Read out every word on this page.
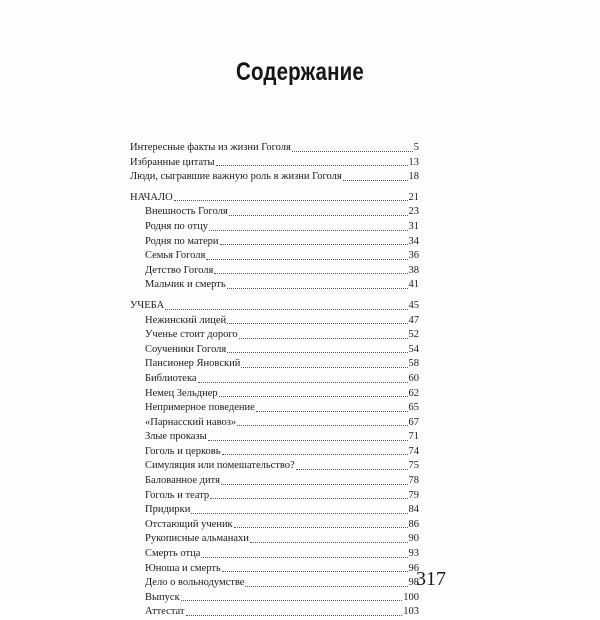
Содержание
Интересные факты из жизни Гоголя	5
Избранные цитаты	13
Люди, сыгравшие важную роль в жизни Гоголя	18
НАЧАЛО	21
Внешность Гоголя	23
Родня по отцу	31
Родня по матери	34
Семья Гоголя	36
Детство Гоголя	38
Мальчик и смерть	41
УЧЕБА	45
Нежинский лицей	47
Ученье стоит дорого	52
Соученики Гоголя	54
Пансионер Яновский	58
Библиотека	60
Немец Зельднер	62
Непримерное поведение	65
«Парнасский навоз»	67
Злые проказы	71
Гоголь и церковь	74
Симуляция или помешательство?	75
Балованное дитя	78
Гоголь и театр	79
Придирки	84
Отстающий ученик	86
Рукописные альманахи	90
Смерть отца	93
Юноша и смерть	96
Дело о вольнодумстве	98
Выпуск	100
Аттестат	103
317
